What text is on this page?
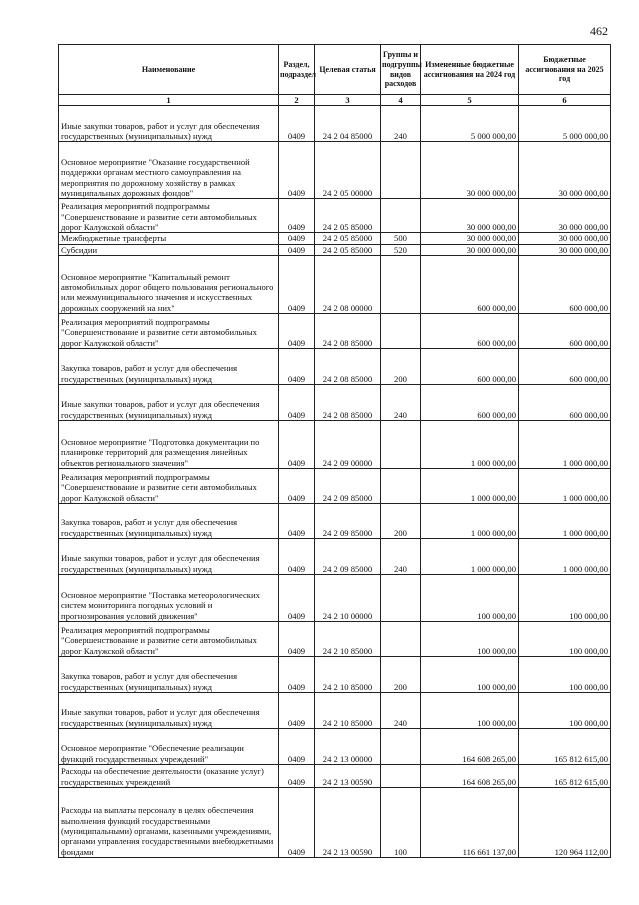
462
Наименование	Раздел, подраздел	Целевая статья	Группы и подгруппы видов расходов	Измененные бюджетные ассигнования на 2024 год	Бюджетные ассигнования на 2025 год
1	2	3	4	5	6
Иные закупки товаров, работ и услуг для обеспечения государственных (муниципальных) нужд	0409	24 2 04 85000	240	5 000 000,00	5 000 000,00
Основное мероприятие "Оказание государственной поддержки органам местного самоуправления на мероприятия по дорожному хозяйству в рамках муниципальных дорожных фондов"	0409	24 2 05 00000		30 000 000,00	30 000 000,00
Реализация мероприятий подпрограммы "Совершенствование и развитие сети автомобильных дорог Калужской области"	0409	24 2 05 85000		30 000 000,00	30 000 000,00
Межбюджетные трансферты	0409	24 2 05 85000	500	30 000 000,00	30 000 000,00
Субсидии	0409	24 2 05 85000	520	30 000 000,00	30 000 000,00
Основное мероприятие "Капитальный ремонт автомобильных дорог общего пользования регионального или межмуниципального значения и искусственных дорожных сооружений на них"	0409	24 2 08 00000		600 000,00	600 000,00
Реализация мероприятий подпрограммы "Совершенствование и развитие сети автомобильных дорог Калужской области"	0409	24 2 08 85000		600 000,00	600 000,00
Закупка товаров, работ и услуг для обеспечения государственных (муниципальных) нужд	0409	24 2 08 85000	200	600 000,00	600 000,00
Иные закупки товаров, работ и услуг для обеспечения государственных (муниципальных) нужд	0409	24 2 08 85000	240	600 000,00	600 000,00
Основное мероприятие "Подготовка документации по планировке территорий для размещения линейных объектов регионального значения"	0409	24 2 09 00000		1 000 000,00	1 000 000,00
Реализация мероприятий подпрограммы "Совершенствование и развитие сети автомобильных дорог Калужской области"	0409	24 2 09 85000		1 000 000,00	1 000 000,00
Закупка товаров, работ и услуг для обеспечения государственных (муниципальных) нужд	0409	24 2 09 85000	200	1 000 000,00	1 000 000,00
Иные закупки товаров, работ и услуг для обеспечения государственных (муниципальных) нужд	0409	24 2 09 85000	240	1 000 000,00	1 000 000,00
Основное мероприятие "Поставка метеорологических систем мониторинга погодных условий и прогнозирования условий движения"	0409	24 2 10 00000		100 000,00	100 000,00
Реализация мероприятий подпрограммы "Совершенствование и развитие сети автомобильных дорог Калужской области"	0409	24 2 10 85000		100 000,00	100 000,00
Закупка товаров, работ и услуг для обеспечения государственных (муниципальных) нужд	0409	24 2 10 85000	200	100 000,00	100 000,00
Иные закупки товаров, работ и услуг для обеспечения государственных (муниципальных) нужд	0409	24 2 10 85000	240	100 000,00	100 000,00
Основное мероприятие "Обеспечение реализации функций государственных учреждений"	0409	24 2 13 00000		164 608 265,00	165 812 615,00
Расходы на обеспечение деятельности (оказание услуг) государственных учреждений	0409	24 2 13 00590		164 608 265,00	165 812 615,00
Расходы на выплаты персоналу в целях обеспечения выполнения функций государственными (муниципальными) органами, казенными учреждениями, органами управления государственными внебюджетными фондами	0409	24 2 13 00590	100	116 661 137,00	120 964 112,00
